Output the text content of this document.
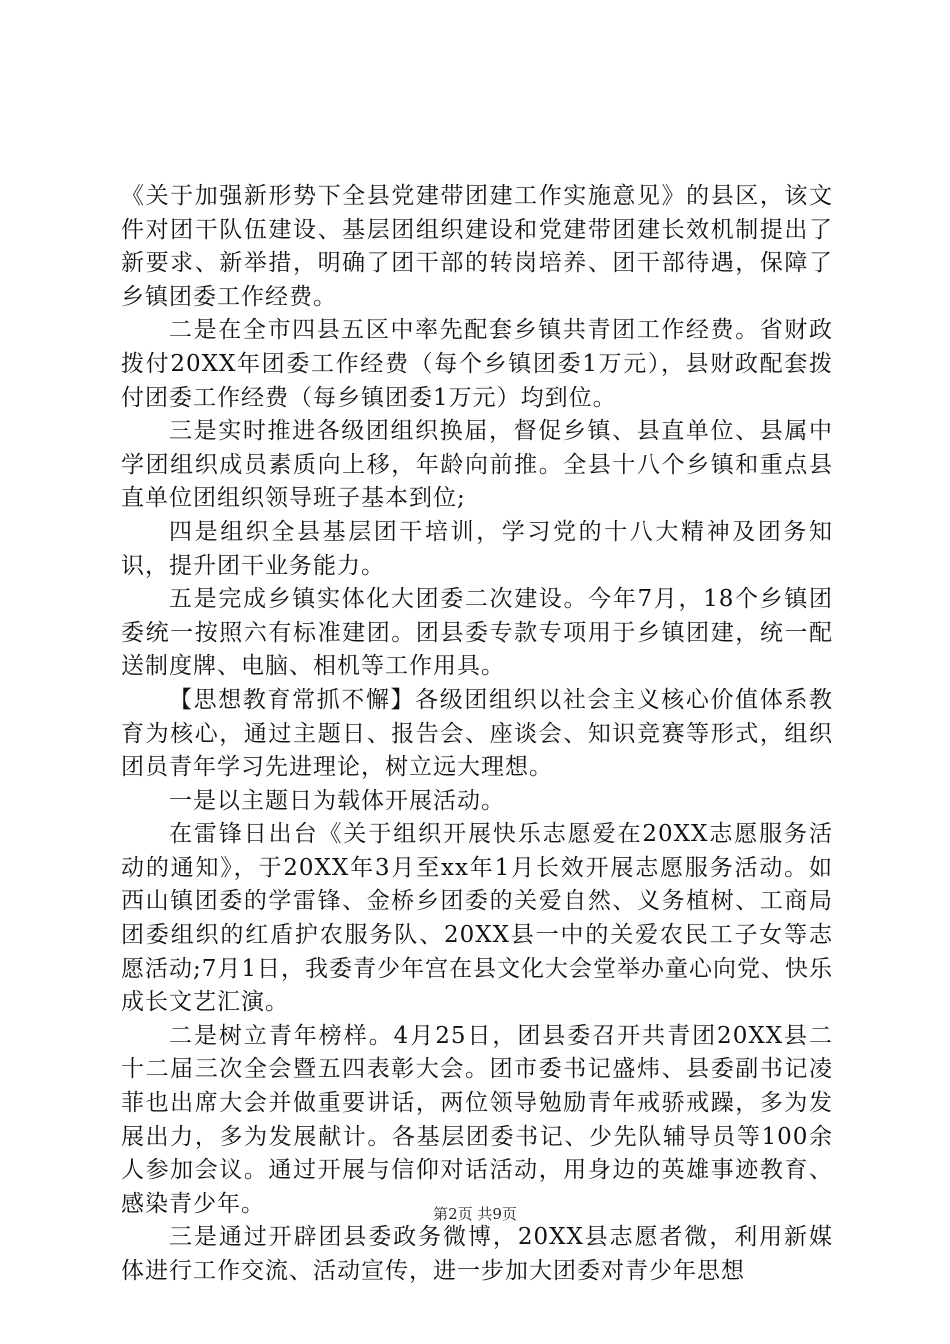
《关于加强新形势下全县党建带团建工作实施意见》的县区，该文件对团干队伍建设、基层团组织建设和党建带团建长效机制提出了新要求、新举措，明确了团干部的转岗培养、团干部待遇，保障了乡镇团委工作经费。

二是在全市四县五区中率先配套乡镇共青团工作经费。省财政拨付20XX年团委工作经费（每个乡镇团委1万元），县财政配套拨付团委工作经费（每乡镇团委1万元）均到位。

三是实时推进各级团组织换届，督促乡镇、县直单位、县属中学团组织成员素质向上移，年龄向前推。全县十八个乡镇和重点县直单位团组织领导班子基本到位;

四是组织全县基层团干培训，学习党的十八大精神及团务知识，提升团干业务能力。

五是完成乡镇实体化大团委二次建设。今年7月，18个乡镇团委统一按照六有标准建团。团县委专款专项用于乡镇团建，统一配送制度牌、电脑、相机等工作用具。

【思想教育常抓不懈】各级团组织以社会主义核心价值体系教育为核心，通过主题日、报告会、座谈会、知识竞赛等形式，组织团员青年学习先进理论，树立远大理想。

一是以主题日为载体开展活动。

在雷锋日出台《关于组织开展快乐志愿爱在20XX志愿服务活动的通知》，于20XX年3月至xx年1月长效开展志愿服务活动。如西山镇团委的学雷锋、金桥乡团委的关爱自然、义务植树、工商局团委组织的红盾护农服务队、20XX县一中的关爱农民工子女等志愿活动;7月1日，我委青少年宫在县文化大会堂举办童心向党、快乐成长文艺汇演。

二是树立青年榜样。4月25日，团县委召开共青团20XX县二十二届三次全会暨五四表彰大会。团市委书记盛炜、县委副书记凌菲也出席大会并做重要讲话，两位领导勉励青年戒骄戒躁，多为发展出力，多为发展献计。各基层团委书记、少先队辅导员等100余人参加会议。通过开展与信仰对话活动，用身边的英雄事迹教育、感染青少年。

三是通过开辟团县委政务微博，20XX县志愿者微，利用新媒体进行工作交流、活动宣传，进一步加大团委对青少年思想

第2页 共9页
